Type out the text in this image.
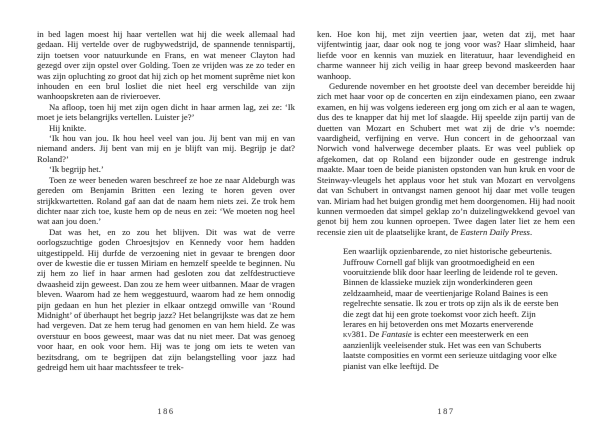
in bed lagen moest hij haar vertellen wat hij die week allemaal had gedaan. Hij vertelde over de rugbywedstrijd, de spannende tennispartij, zijn toetsen voor natuurkunde en Frans, en wat meneer Clayton had gezegd over zijn opstel over Golding. Toen ze vrijden was ze zo teder en was zijn opluchting zo groot dat hij zich op het moment suprême niet kon inhouden en een brul losliet die niet heel erg verschilde van zijn wanhoopskreten aan de rivieroever.

Na afloop, toen hij met zijn ogen dicht in haar armen lag, zei ze: ‘Ik moet je iets belangrijks vertellen. Luister je?’

Hij knikte.

‘Ik hou van jou. Ik hou heel veel van jou. Jij bent van mij en van niemand anders. Jij bent van mij en je blijft van mij. Begrijp je dat? Roland?’

‘Ik begrijp het.’

Toen ze weer beneden waren beschreef ze hoe ze naar Aldeburgh was gereden om Benjamin Britten een lezing te horen geven over strijkkwartetten. Roland gaf aan dat de naam hem niets zei. Ze trok hem dichter naar zich toe, kuste hem op de neus en zei: ‘We moeten nog heel wat aan jou doen.’

Dat was het, en zo zou het blijven. Dit was wat de verre oorlogszuchtige goden Chroesjtsjov en Kennedy voor hem hadden uitgestippeld. Hij durfde de verzoening niet in gevaar te brengen door over de kwestie die er tussen Miriam en hemzelf speelde te beginnen. Nu zij hem zo lief in haar armen had gesloten zou dat zelfdestructieve dwaasheid zijn geweest. Dan zou ze hem weer uitbannen. Maar de vragen bleven. Waarom had ze hem weggestuurd, waarom had ze hem onnodig pijn gedaan en hun het plezier in elkaar ontzegd omwille van ‘Round Midnight’ of überhaupt het begrip jazz? Het belangrijkste was dat ze hem had vergeven. Dat ze hem terug had genomen en van hem hield. Ze was overstuur en boos geweest, maar was dat nu niet meer. Dat was genoeg voor haar, en ook voor hem. Hij was te jong om iets te weten van bezitsdrang, om te begrijpen dat zijn belangstelling voor jazz had gedreigd hem uit haar machtssfeer te trek-

186

ken. Hoe kon hij, met zijn veertien jaar, weten dat zij, met haar vijfentwintig jaar, daar ook nog te jong voor was? Haar slimheid, haar liefde voor en kennis van muziek en literatuur, haar levendigheid en charme wanneer hij zich veilig in haar greep bevond maskeerden haar wanhoop.

Gedurende november en het grootste deel van december bereidde hij zich met haar voor op de concerten en zijn eindexamen piano, een zwaar examen, en hij was volgens iedereen erg jong om zich er al aan te wagen, dus des te knapper dat hij met lof slaagde. Hij speelde zijn partij van de duetten van Mozart en Schubert met wat zij de drie v’s noemde: vaardigheid, verfijning en verve. Hun concert in de gehoorzaal van Norwich vond halverwege december plaats. Er was veel publiek op afgekomen, dat op Roland een bijzonder oude en gestrenge indruk maakte. Maar toen de beide pianisten opstonden van hun kruk en voor de Steinway-vleugels het applaus voor het stuk van Mozart en vervolgens dat van Schubert in ontvangst namen genoot hij daar met volle teugen van. Miriam had het buigen grondig met hem doorgenomen. Hij had nooit kunnen vermoeden dat simpel geklap zo’n duizelingwekkend gevoel van genot bij hem zou kunnen oproepen. Twee dagen later liet ze hem een recensie zien uit de plaatselijke krant, de Eastern Daily Press.

Een waarlijk opzienbarende, zo niet historische gebeurtenis. Juffrouw Cornell gaf blijk van grootmoedigheid en een vooruitziende blik door haar leerling de leidende rol te geven. Binnen de klassieke muziek zijn wonderkinderen geen zeldzaamheid, maar de veertienjarige Roland Baines is een regelrechte sensatie. Ik zou er trots op zijn als ik de eerste ben die zegt dat hij een grote toekomst voor zich heeft. Zijn lerares en hij betoverden ons met Mozarts enerverende kv381. De Fantasie is echter een meesterwerk en een aanzienlijk veeleisender stuk. Het was een van Schuberts laatste composities en vormt een serieuze uitdaging voor elke pianist van elke leeftijd. De
187
